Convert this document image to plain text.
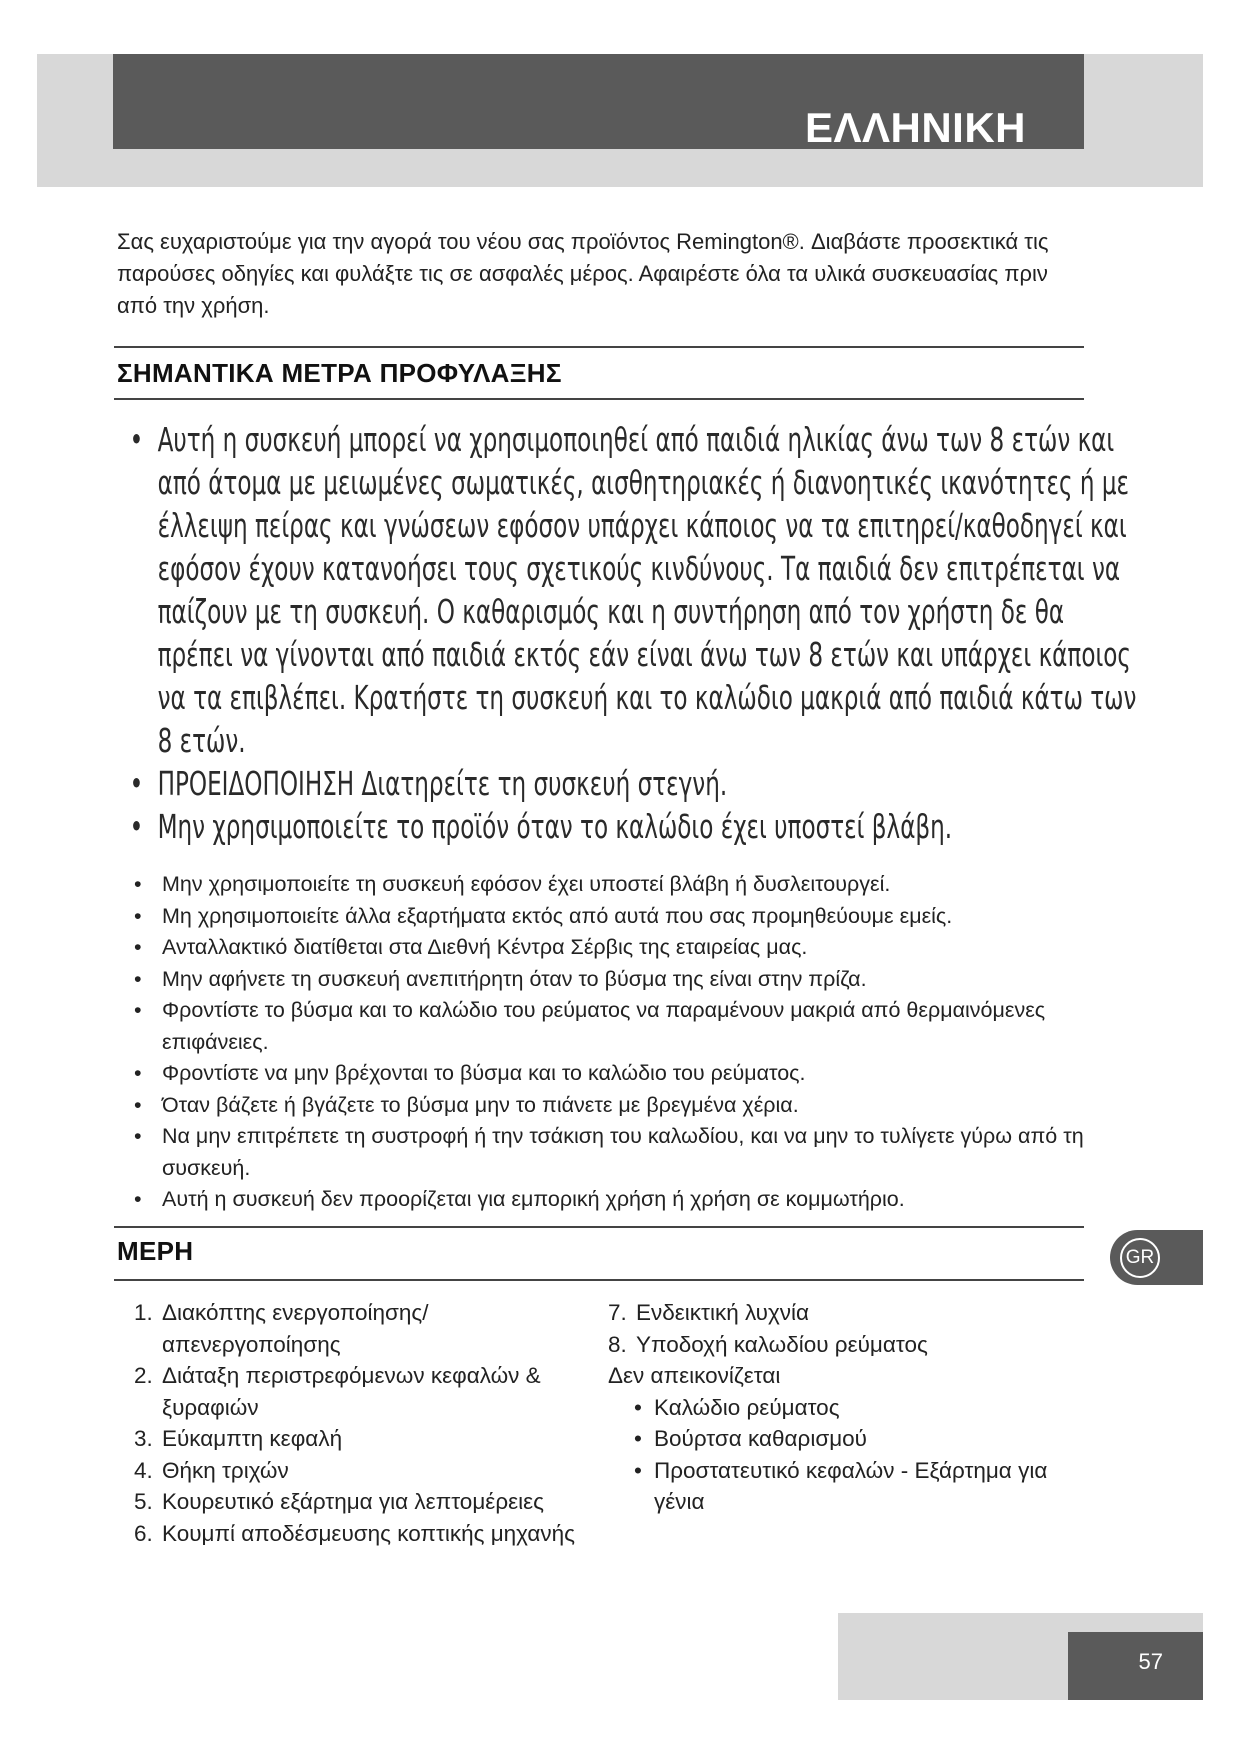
ΕΛΛΗΝΙΚΗ

Σας ευχαριστούμε για την αγορά του νέου σας προϊόντος Remington®. Διαβάστε προσεκτικά τις παρούσες οδηγίες και φυλάξτε τις σε ασφαλές μέρος. Αφαιρέστε όλα τα υλικά συσκευασίας πριν από την χρήση.

ΣΗΜΑΝΤΙΚΑ ΜΕΤΡΑ ΠΡΟΦΥΛΑΞΗΣ
• Αυτή η συσκευή μπορεί να χρησιμοποιηθεί από παιδιά ηλικίας άνω των 8 ετών και από άτομα με μειωμένες σωματικές, αισθητηριακές ή διανοητικές ικανότητες ή με έλλειψη πείρας και γνώσεων εφόσον υπάρχει κάποιος να τα επιτηρεί/καθοδηγεί και εφόσον έχουν κατανοήσει τους σχετικούς κινδύνους. Τα παιδιά δεν επιτρέπεται να παίζουν με τη συσκευή. Ο καθαρισμός και η συντήρηση από τον χρήστη δε θα πρέπει να γίνονται από παιδιά εκτός εάν είναι άνω των 8 ετών και υπάρχει κάποιος να τα επιβλέπει. Κρατήστε τη συσκευή και το καλώδιο μακριά από παιδιά κάτω των 8 ετών.
• ΠΡΟΕΙΔΟΠΟΙΗΣΗ Διατηρείτε τη συσκευή στεγνή.
• Μην χρησιμοποιείτε το προϊόν όταν το καλώδιο έχει υποστεί βλάβη.
• Μην χρησιμοποιείτε τη συσκευή εφόσον έχει υποστεί βλάβη ή δυσλειτουργεί.
• Μη χρησιμοποιείτε άλλα εξαρτήματα εκτός από αυτά που σας προμηθεύουμε εμείς.
• Ανταλλακτικό διατίθεται στα Διεθνή Κέντρα Σέρβις της εταιρείας μας.
• Μην αφήνετε τη συσκευή ανεπιτήρητη όταν το βύσμα της είναι στην πρίζα.
• Φροντίστε το βύσμα και το καλώδιο του ρεύματος να παραμένουν μακριά από θερμαινόμενες επιφάνειες.
• Φροντίστε να μην βρέχονται το βύσμα και το καλώδιο του ρεύματος.
• Όταν βάζετε ή βγάζετε το βύσμα μην το πιάνετε με βρεγμένα χέρια.
• Να μην επιτρέπετε τη συστροφή ή την τσάκιση του καλωδίου, και να μην το τυλίγετε γύρω από τη συσκευή.
• Αυτή η συσκευή δεν προορίζεται για εμπορική χρήση ή χρήση σε κομμωτήριο.
ΜΕΡΗ	GR
1. Διακόπτης ενεργοποίησης/ απενεργοποίησης
2. Διάταξη περιστρεφόμενων κεφαλών & ξυραφιών
3. Εύκαμπτη κεφαλή
4. Θήκη τριχών
5. Κουρευτικό εξάρτημα για λεπτομέρειες
6. Κουμπί αποδέσμευσης κοπτικής μηχανής
7. Ενδεικτική λυχνία
8. Υποδοχή καλωδίου ρεύματος
Δεν απεικονίζεται
• Καλώδιο ρεύματος
• Βούρτσα καθαρισμού
• Προστατευτικό κεφαλών - Εξάρτημα για γένια
57
